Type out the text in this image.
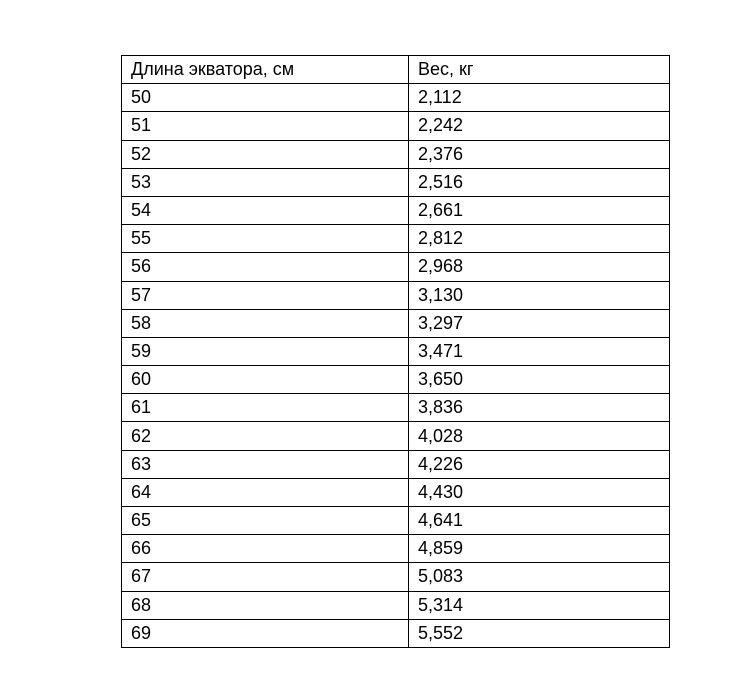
Длина экватора, см	Вес, кг
50	2,112
51	2,242
52	2,376
53	2,516
54	2,661
55	2,812
56	2,968
57	3,130
58	3,297
59	3,471
60	3,650
61	3,836
62	4,028
63	4,226
64	4,430
65	4,641
66	4,859
67	5,083
68	5,314
69	5,552
